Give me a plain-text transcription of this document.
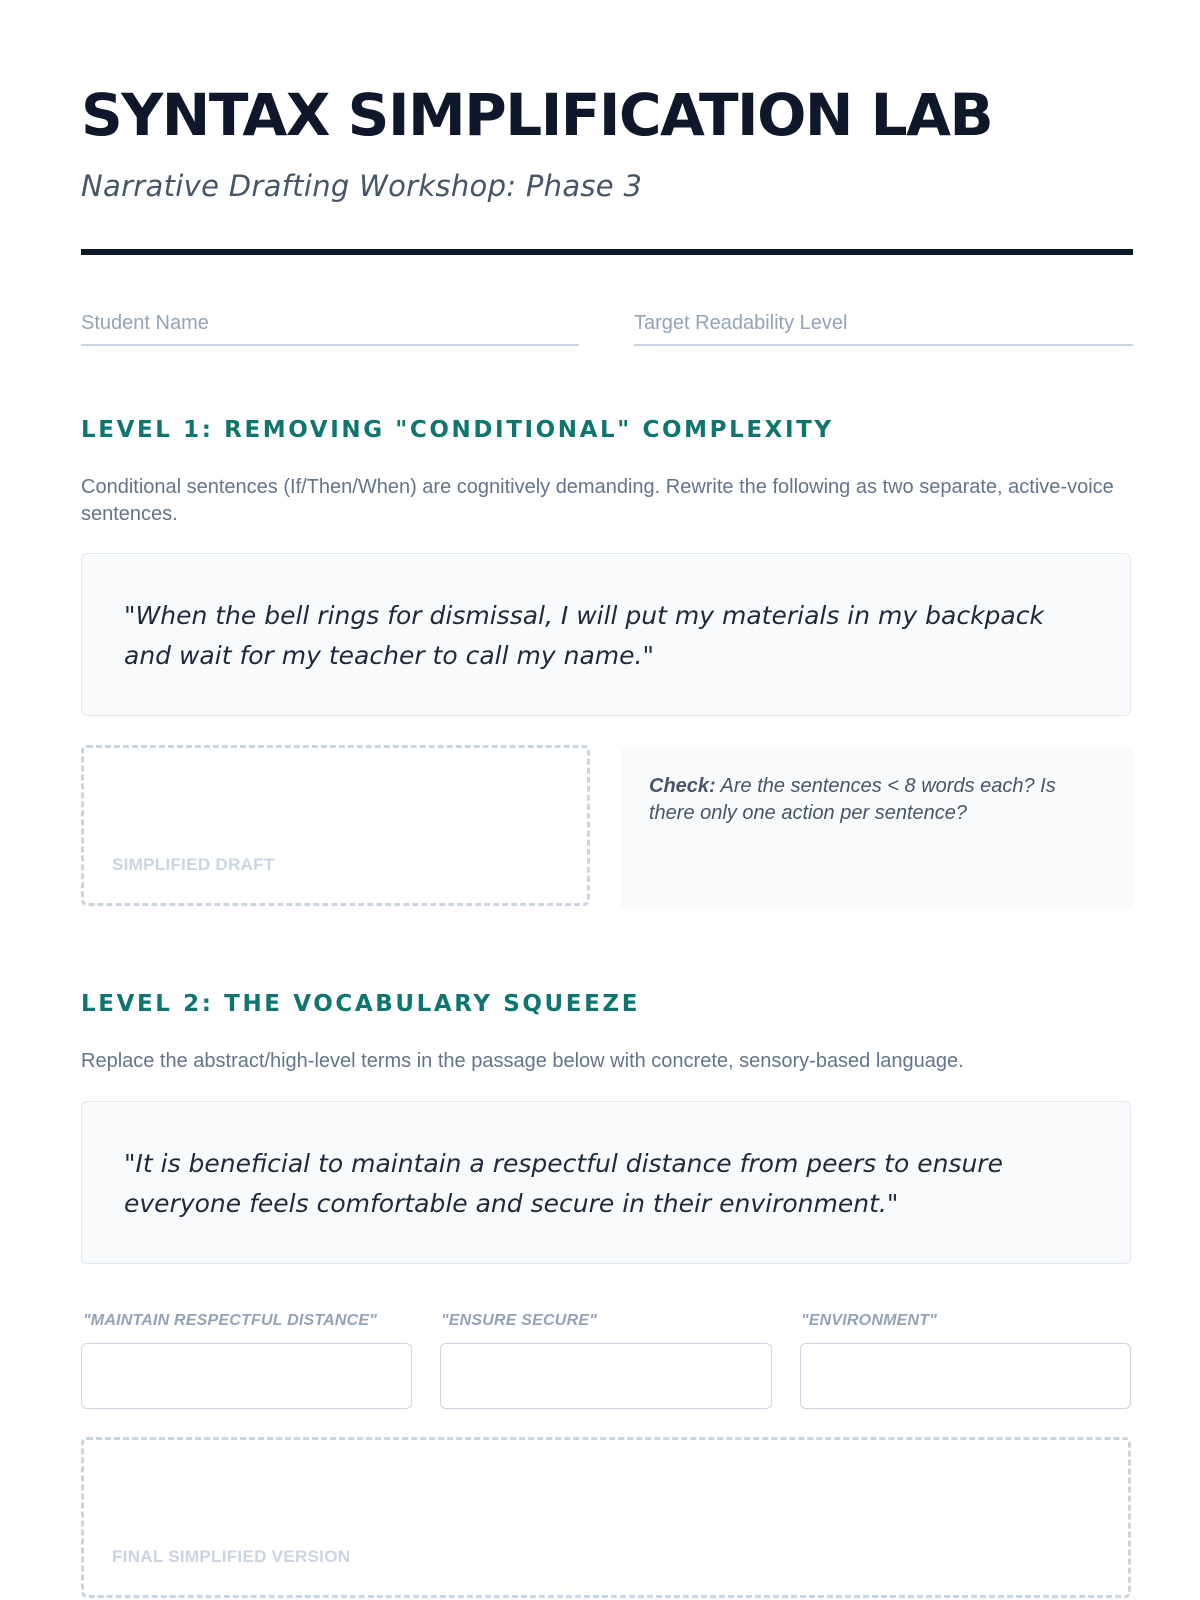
SYNTAX SIMPLIFICATION LAB
Narrative Drafting Workshop: Phase 3
Student Name	Target Readability Level
LEVEL 1: REMOVING "CONDITIONAL" COMPLEXITY
Conditional sentences (If/Then/When) are cognitively demanding. Rewrite the following as two separate, active-voice sentences.
"When the bell rings for dismissal, I will put my materials in my backpack and wait for my teacher to call my name."
SIMPLIFIED DRAFT
Check: Are the sentences < 8 words each? Is there only one action per sentence?
LEVEL 2: THE VOCABULARY SQUEEZE
Replace the abstract/high-level terms in the passage below with concrete, sensory-based language.
"It is beneficial to maintain a respectful distance from peers to ensure everyone feels comfortable and secure in their environment."
"MAINTAIN RESPECTFUL DISTANCE"	"ENSURE SECURE"	"ENVIRONMENT"
FINAL SIMPLIFIED VERSION
